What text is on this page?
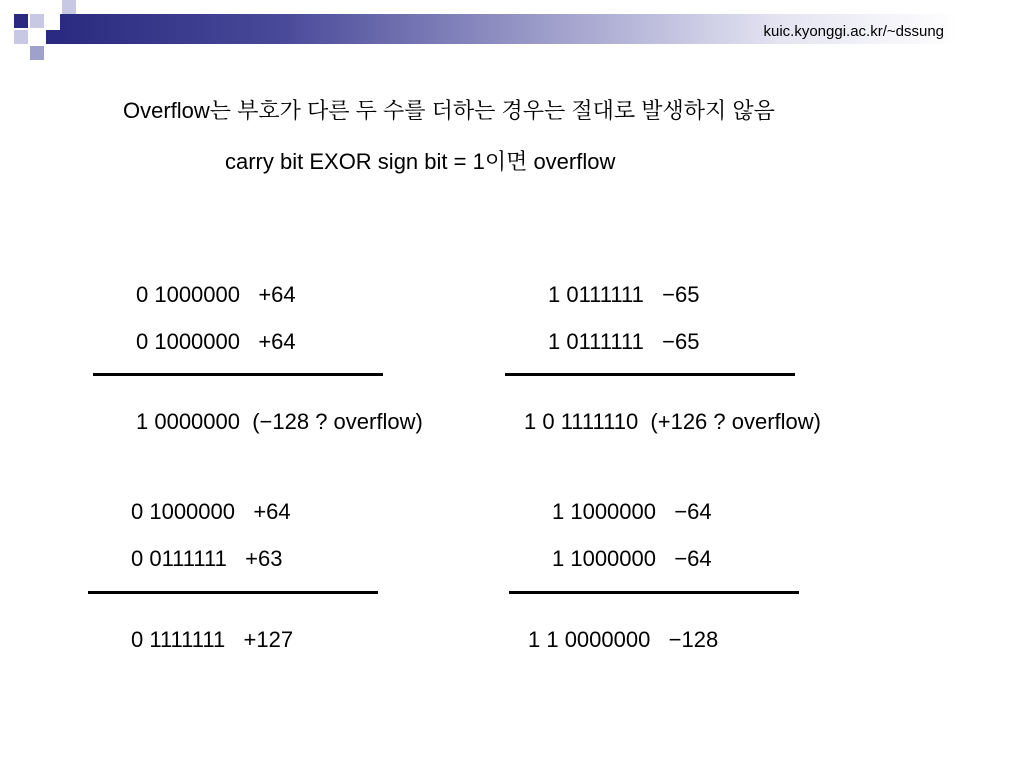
kuic.kyonggi.ac.kr/~dssung
Overflow는 부호가 다른 두 수를 더하는 경우는 절대로 발생하지 않음
carry bit EXOR sign bit = 1이면 overflow
0 1000000   +64
0 1000000   +64
1 0000000  (−128 ? overflow)
1 0111111   −65
1 0111111   −65
1 0 1111110  (+126 ? overflow)
0 1000000   +64
0 0111111   +63
0 1111111   +127
1 1000000   −64
1 1000000   −64
1 1 0000000   −128
